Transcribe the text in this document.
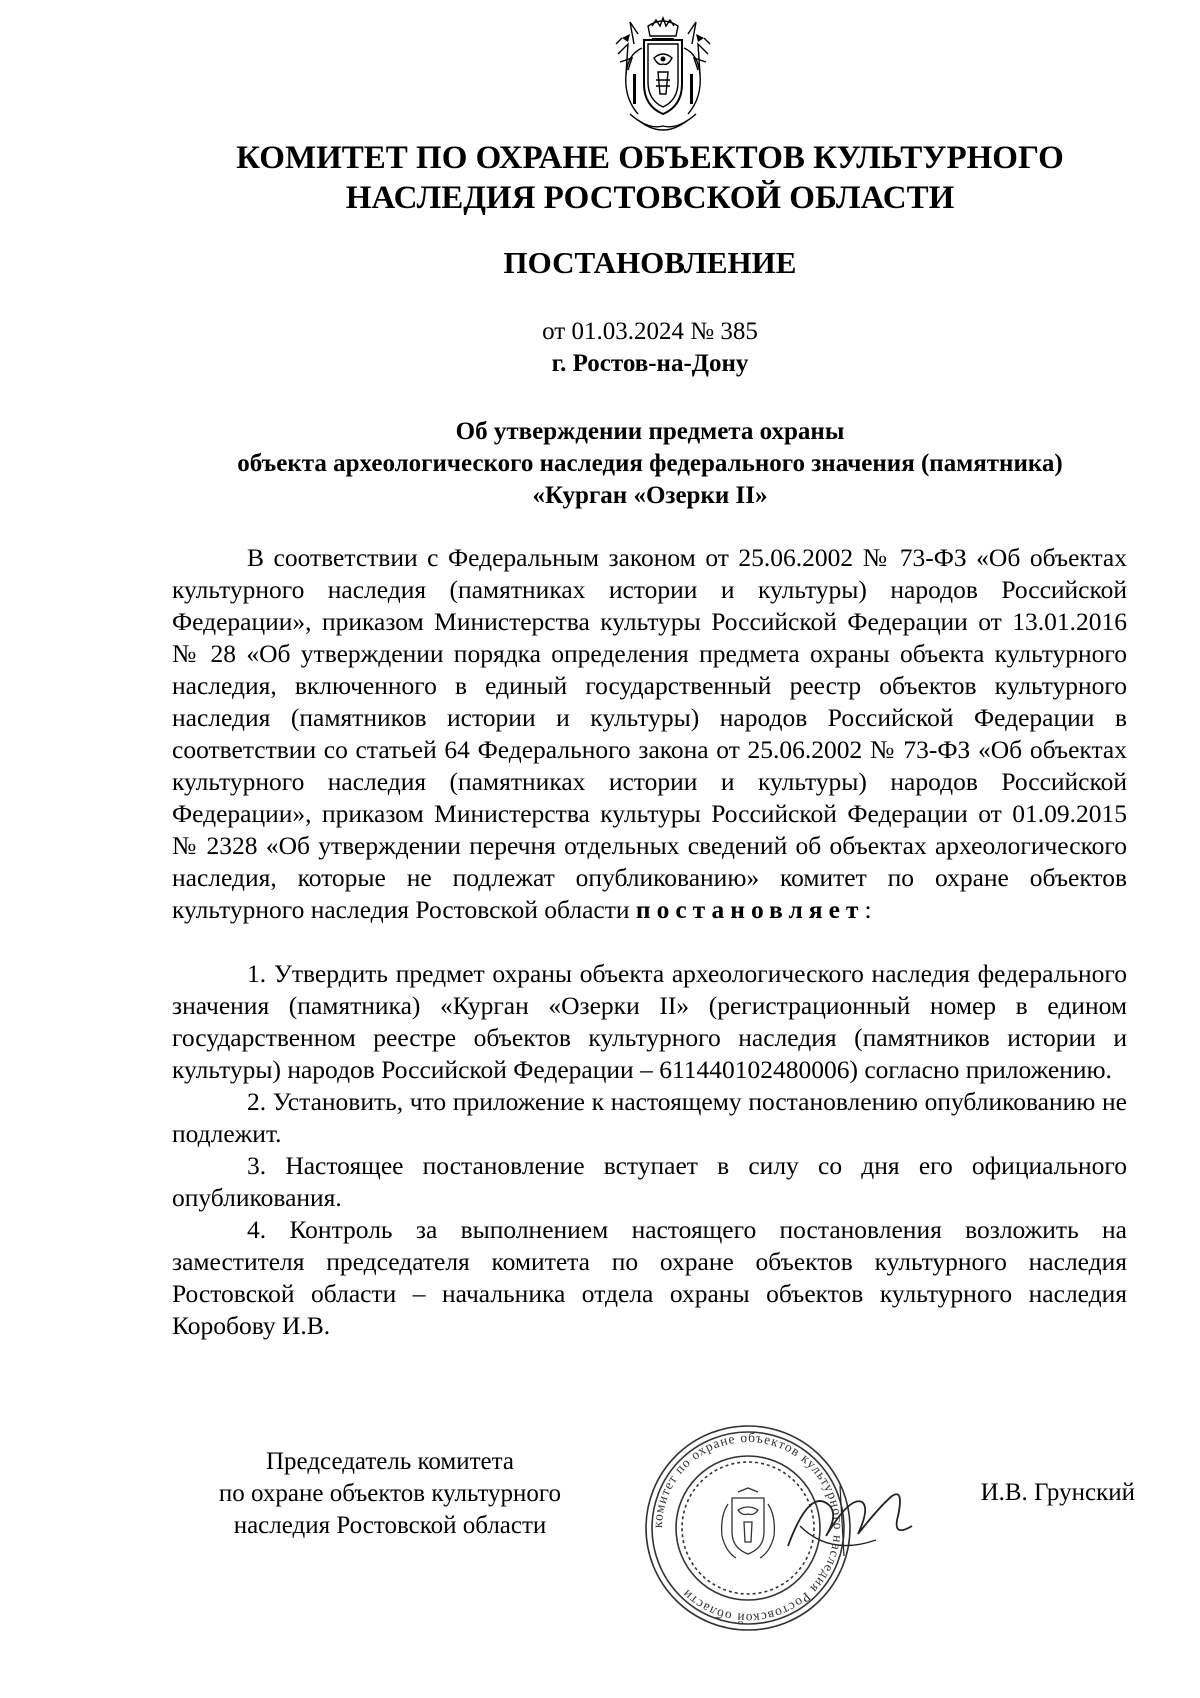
КОМИТЕТ ПО ОХРАНЕ ОБЪЕКТОВ КУЛЬТУРНОГО
НАСЛЕДИЯ РОСТОВСКОЙ ОБЛАСТИ
ПОСТАНОВЛЕНИЕ
от 01.03.2024 № 385
г. Ростов-на-Дону
Об утверждении предмета охраны
объекта археологического наследия федерального значения (памятника)
«Курган «Озерки II»

В соответствии с Федеральным законом от 25.06.2002 № 73-ФЗ «Об объектах культурного наследия (памятниках истории и культуры) народов Российской Федерации», приказом Министерства культуры Российской Федерации от 13.01.2016 № 28 «Об утверждении порядка определения предмета охраны объекта культурного наследия, включенного в единый государственный реестр объектов культурного наследия (памятников истории и культуры) народов Российской Федерации в соответствии со статьей 64 Федерального закона от 25.06.2002 № 73-ФЗ «Об объектах культурного наследия (памятниках истории и культуры) народов Российской Федерации», приказом Министерства культуры Российской Федерации от 01.09.2015 № 2328 «Об утверждении перечня отдельных сведений об объектах археологического наследия, которые не подлежат опубликованию» комитет по охране объектов культурного наследия Ростовской области постановляет:

1. Утвердить предмет охраны объекта археологического наследия федерального значения (памятника) «Курган «Озерки II» (регистрационный номер в едином государственном реестре объектов культурного наследия (памятников истории и культуры) народов Российской Федерации – 611440102480006) согласно приложению.

2. Установить, что приложение к настоящему постановлению опубликованию не подлежит.

3. Настоящее постановление вступает в силу со дня его официального опубликования.

4. Контроль за выполнением настоящего постановления возложить на заместителя председателя комитета по охране объектов культурного наследия Ростовской области – начальника отдела охраны объектов культурного наследия Коробову И.В.

Председатель комитета
по охране объектов культурного
наследия Ростовской области	комитет по охране объектов культурного наследия Ростовской области
И.В. Грунский
